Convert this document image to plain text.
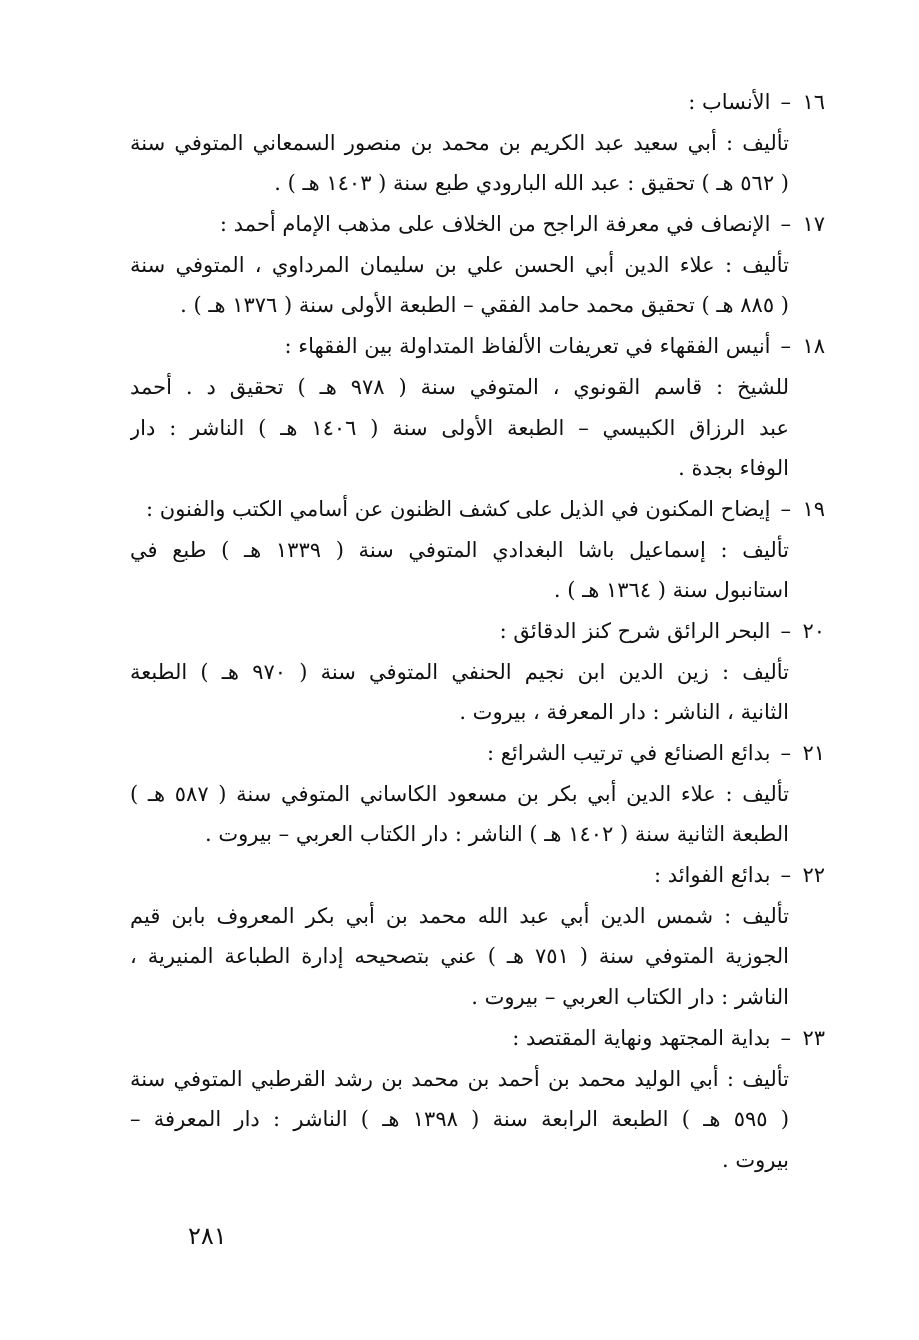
١٦–الأنساب :
تأليف : أبي سعيد عبد الكريم بن محمد بن منصور السمعاني المتوفي سنة
( ٥٦٢ هـ ) تحقيق : عبد الله البارودي طبع سنة ( ١٤٠٣ هـ ) .
١٧–الإنصاف في معرفة الراجح من الخلاف على مذهب الإمام أحمد :
تأليف : علاء الدين أبي الحسن علي بن سليمان المرداوي ، المتوفي سنة
( ٨٨٥ هـ ) تحقيق محمد حامد الفقي – الطبعة الأولى سنة ( ١٣٧٦ هـ ) .
١٨–أنيس الفقهاء في تعريفات الألفاظ المتداولة بين الفقهاء :
للشيخ : قاسم القونوي ، المتوفي سنة ( ٩٧٨ هـ ) تحقيق د . أحمد
عبد الرزاق الكبيسي – الطبعة الأولى سنة ( ١٤٠٦ هـ ) الناشر : دار
الوفاء بجدة .
١٩–إيضاح المكنون في الذيل على كشف الظنون عن أسامي الكتب والفنون :
تأليف : إسماعيل باشا البغدادي المتوفي سنة ( ١٣٣٩ هـ ) طبع في
استانبول سنة ( ١٣٦٤ هـ ) .
٢٠–البحر الرائق شرح كنز الدقائق :
تأليف : زين الدين ابن نجيم الحنفي المتوفي سنة ( ٩٧٠ هـ ) الطبعة
الثانية ، الناشر : دار المعرفة ، بيروت .
٢١–بدائع الصنائع في ترتيب الشرائع :
تأليف : علاء الدين أبي بكر بن مسعود الكاساني المتوفي سنة ( ٥٨٧ هـ )
الطبعة الثانية سنة ( ١٤٠٢ هـ ) الناشر : دار الكتاب العربي – بيروت .
٢٢–بدائع الفوائد :
تأليف : شمس الدين أبي عبد الله محمد بن أبي بكر المعروف بابن قيم
الجوزية المتوفي سنة ( ٧٥١ هـ ) عني بتصحيحه إدارة الطباعة المنيرية ،
الناشر : دار الكتاب العربي – بيروت .
٢٣–بداية المجتهد ونهاية المقتصد :
تأليف : أبي الوليد محمد بن أحمد بن محمد بن رشد القرطبي المتوفي سنة
( ٥٩٥ هـ ) الطبعة الرابعة سنة ( ١٣٩٨ هـ ) الناشر : دار المعرفة –
بيروت .
٢٨١
